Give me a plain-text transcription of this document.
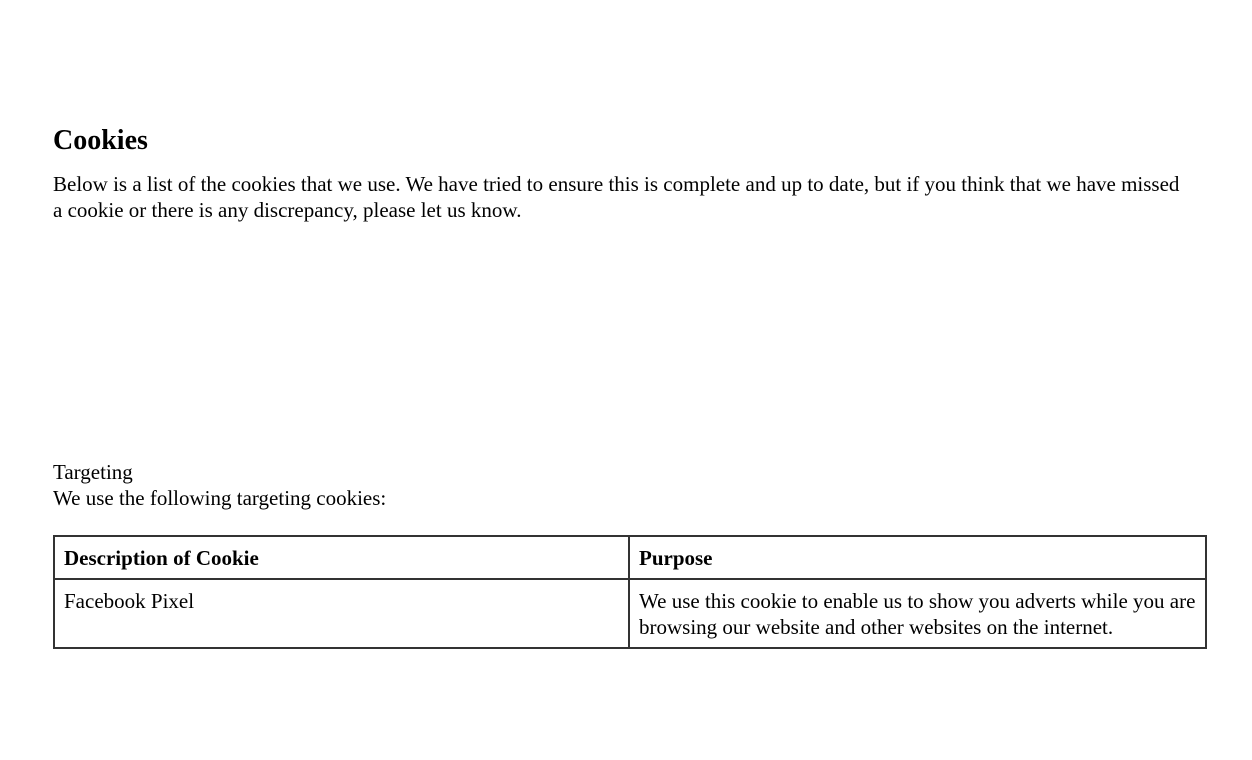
Cookies

Below is a list of the cookies that we use. We have tried to ensure this is complete and up to date, but if you think that we have missed a cookie or there is any discrepancy, please let us know.

Targeting

We use the following targeting cookies:

Description of Cookie	Purpose
Facebook Pixel	We use this cookie to enable us to show you adverts while you are browsing our website and other websites on the internet.
